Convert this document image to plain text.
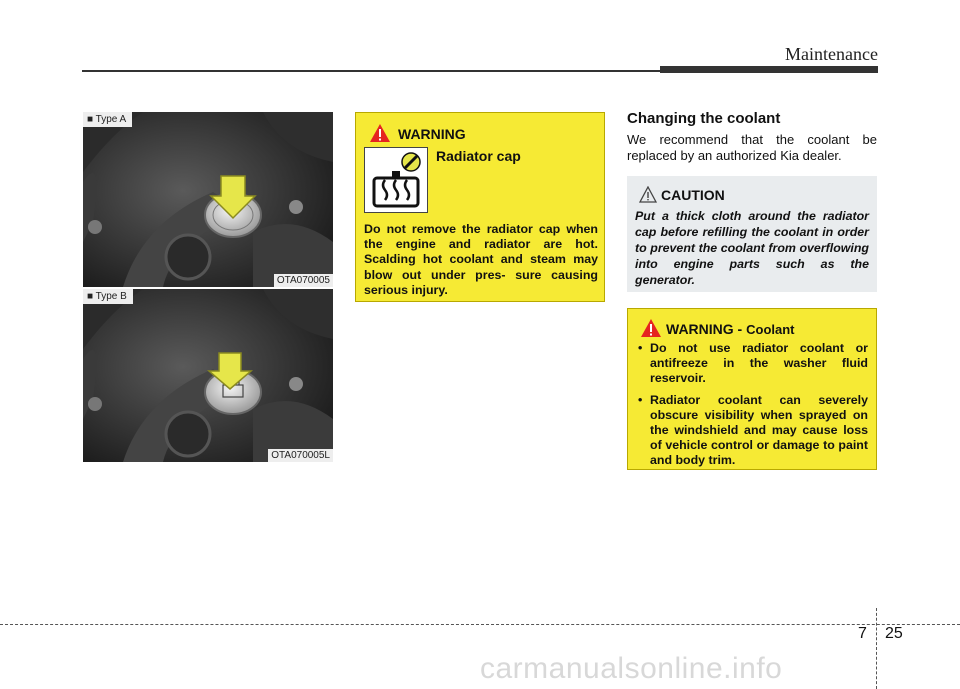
Maintenance
■ Type A
OTA070005
■ Type B
OTA070005L
WARNING
Radiator cap
Do not remove the radiator cap when the engine and radiator are hot. Scalding hot coolant and steam may blow out under pres- sure causing serious injury.
Changing the coolant
We recommend that the coolant be replaced by an authorized Kia dealer.
CAUTION
Put a thick cloth around the radiator cap before refilling the coolant in order to prevent the coolant from overflowing into engine parts such as the generator.
WARNING - Coolant
• Do not use radiator coolant or antifreeze in the washer fluid reservoir.
• Radiator coolant can severely obscure visibility when sprayed on the windshield and may cause loss of vehicle control or damage to paint and body trim.
7 25
carmanualsonline.info
